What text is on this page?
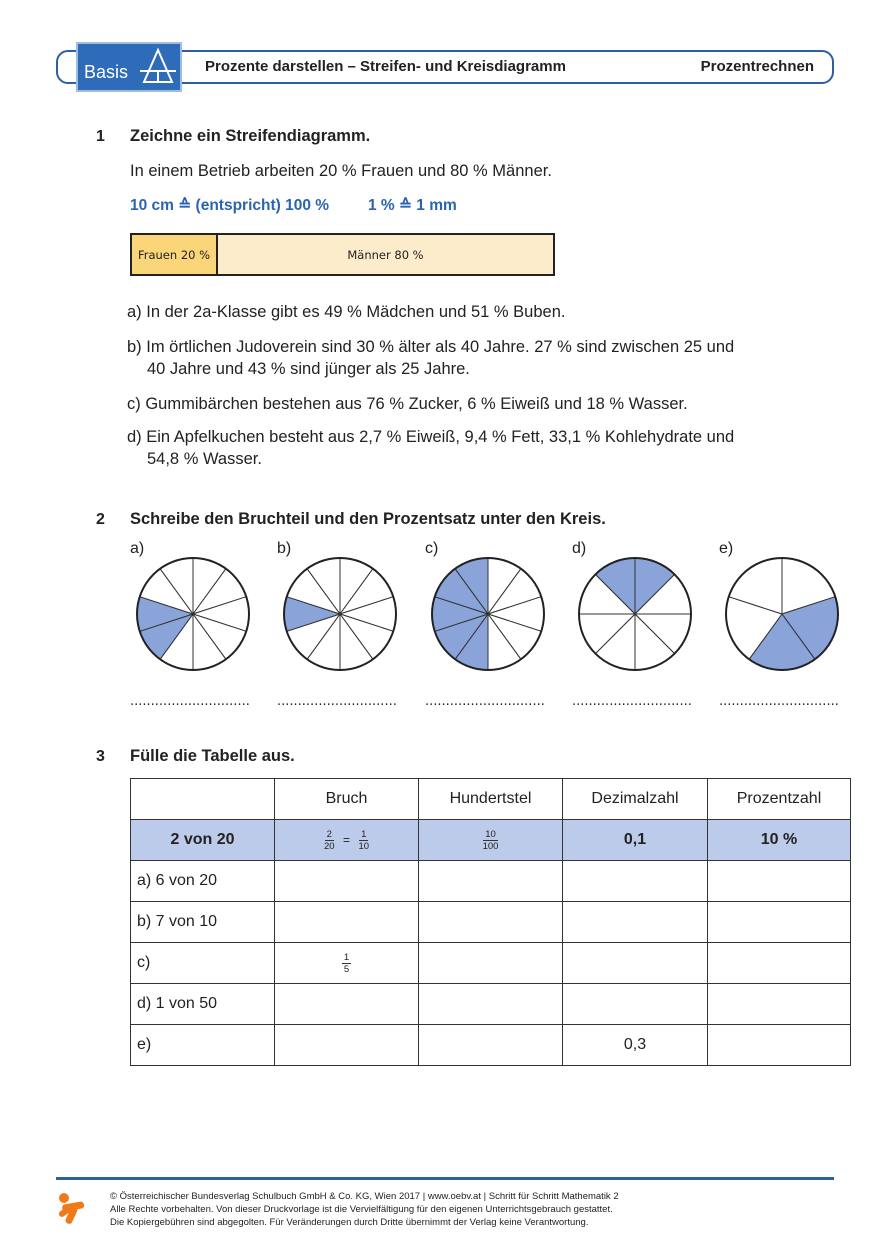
Basis	Prozente darstellen – Streifen- und Kreisdiagramm	Prozentrechnen
1 Zeichne ein Streifendiagramm.
In einem Betrieb arbeiten 20 % Frauen und 80 % Männer.
10 cm ≙ (entspricht) 100 %	1 % ≙ 1 mm
Frauen 20 %	Männer 80 %
a) In der 2a-Klasse gibt es 49 % Mädchen und 51 % Buben.
b) Im örtlichen Judoverein sind 30 % älter als 40 Jahre. 27 % sind zwischen 25 und
40 Jahre und 43 % sind jünger als 25 Jahre.
c) Gummibärchen bestehen aus 76 % Zucker, 6 % Eiweiß und 18 % Wasser.
d) Ein Apfelkuchen besteht aus 2,7 % Eiweiß, 9,4 % Fett, 33,1 % Kohlehydrate und
54,8 % Wasser.
2 Schreibe den Bruchteil und den Prozentsatz unter den Kreis.
a)
.............................
b)
.............................
c)
.............................
d)
.............................
e)
.............................
3 Fülle die Tabelle aus.
	Bruch	Hundertstel	Dezimalzahl	Prozentzahl
2 von 20	$\frac{2}{20} = \frac{1}{10}$	$\frac{10}{100}$	0,1	10 %
a) 6 von 20				
b) 7 von 10				
c)	$\frac{1}{5}$

d) 1 von 50				
e)			0,3	
© Österreichischer Bundesverlag Schulbuch GmbH & Co. KG, Wien 2017 | www.oebv.at | Schritt für Schritt Mathematik 2
Alle Rechte vorbehalten. Von dieser Druckvorlage ist die Vervielfältigung für den eigenen Unterrichtsgebrauch gestattet.
Die Kopiergebühren sind abgegolten. Für Veränderungen durch Dritte übernimmt der Verlag keine Verantwortung.
